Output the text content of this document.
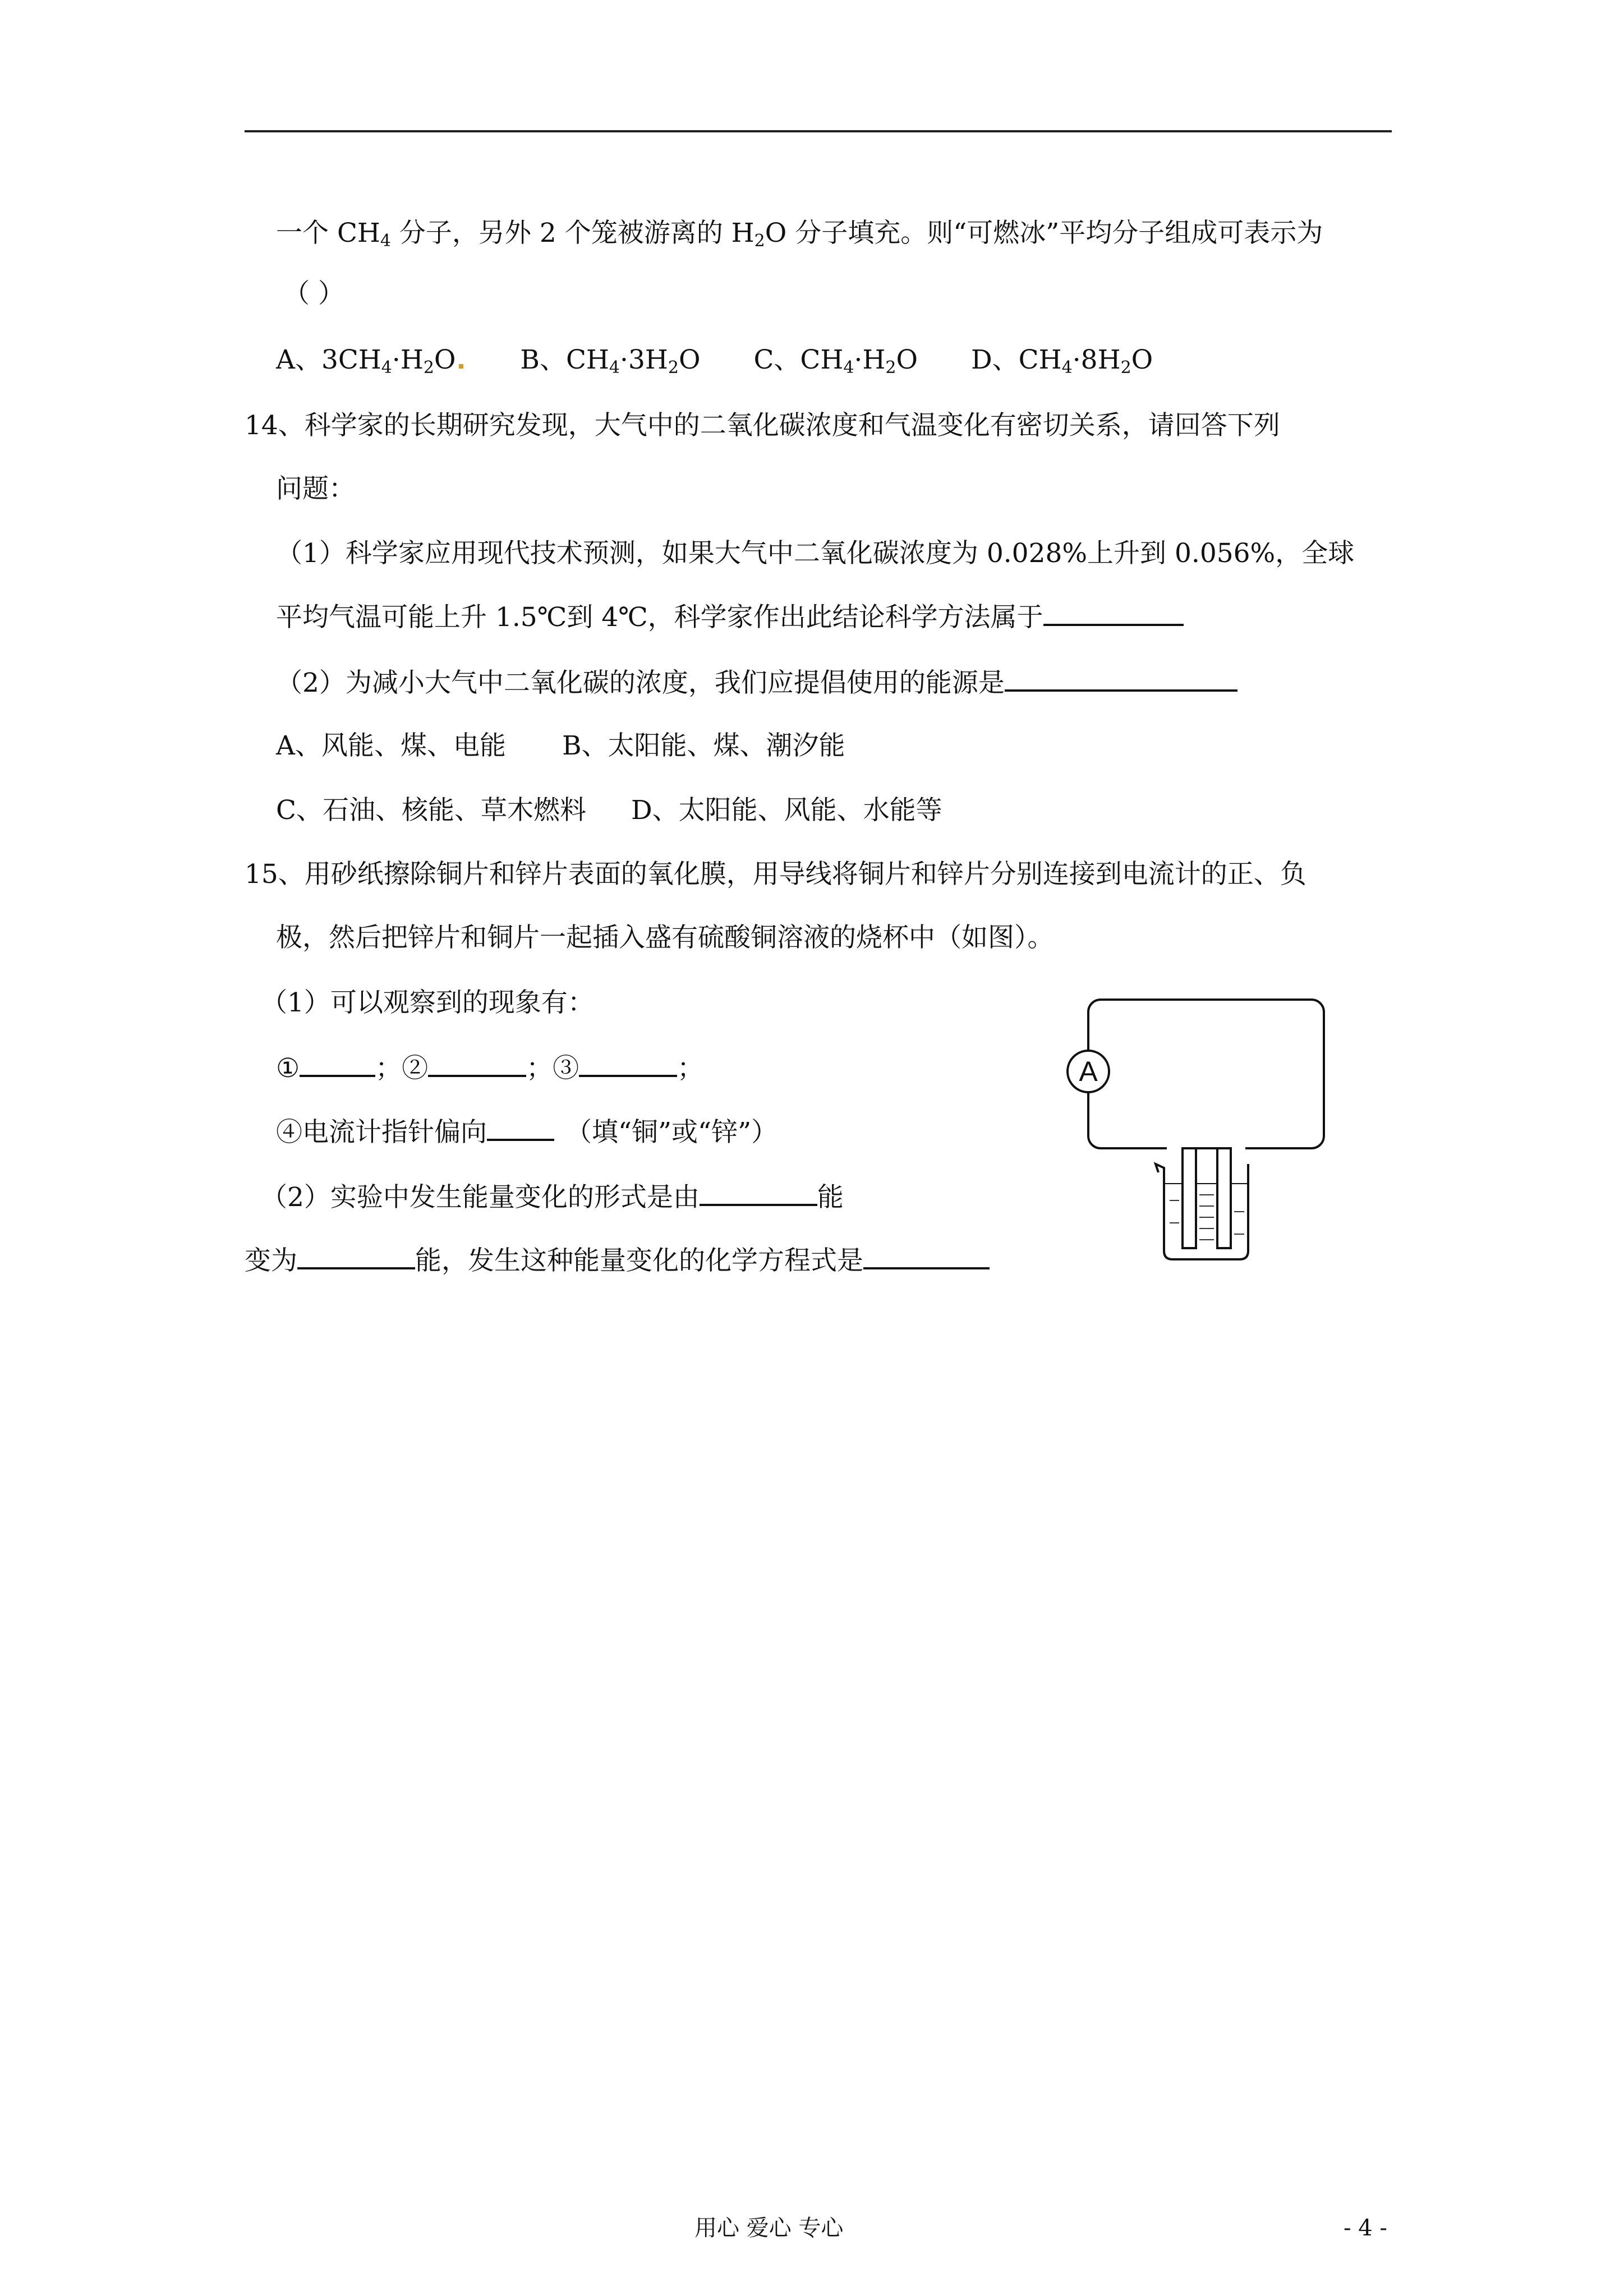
一个 $CH_4$ 分子，另外 2 个笼被游离的 $H_2O$ 分子填充。则“可燃冰”平均分子组成可表示为
（ ）
A、$3CH_4\cdot H_2O$ B、$CH_4\cdot 3H_2O$ C、$CH_4\cdot H_2O$ D、$CH_4\cdot 8H_2O$
14、科学家的长期研究发现，大气中的二氧化碳浓度和气温变化有密切关系，请回答下列
问题：
（1）科学家应用现代技术预测，如果大气中二氧化碳浓度为 0.028%上升到 0.056%，全球
平均气温可能上升 1.5℃到 4℃，科学家作出此结论科学方法属于
（2）为减小大气中二氧化碳的浓度，我们应提倡使用的能源是
A、风能、煤、电能 B、太阳能、煤、潮汐能
C、石油、核能、草木燃料 D、太阳能、风能、水能等
15、用砂纸擦除铜片和锌片表面的氧化膜，用导线将铜片和锌片分别连接到电流计的正、负
极，然后把锌片和铜片一起插入盛有硫酸铜溶液的烧杯中（如图）。
（1）可以观察到的现象有：
①	；②	；③	；
④电流计指针偏向	（填“铜”或“锌”）
（2）实验中发生能量变化的形式是由	能
变为	能，发生这种能量变化的化学方程式是
A
用心 爱心 专心	- 4 -
